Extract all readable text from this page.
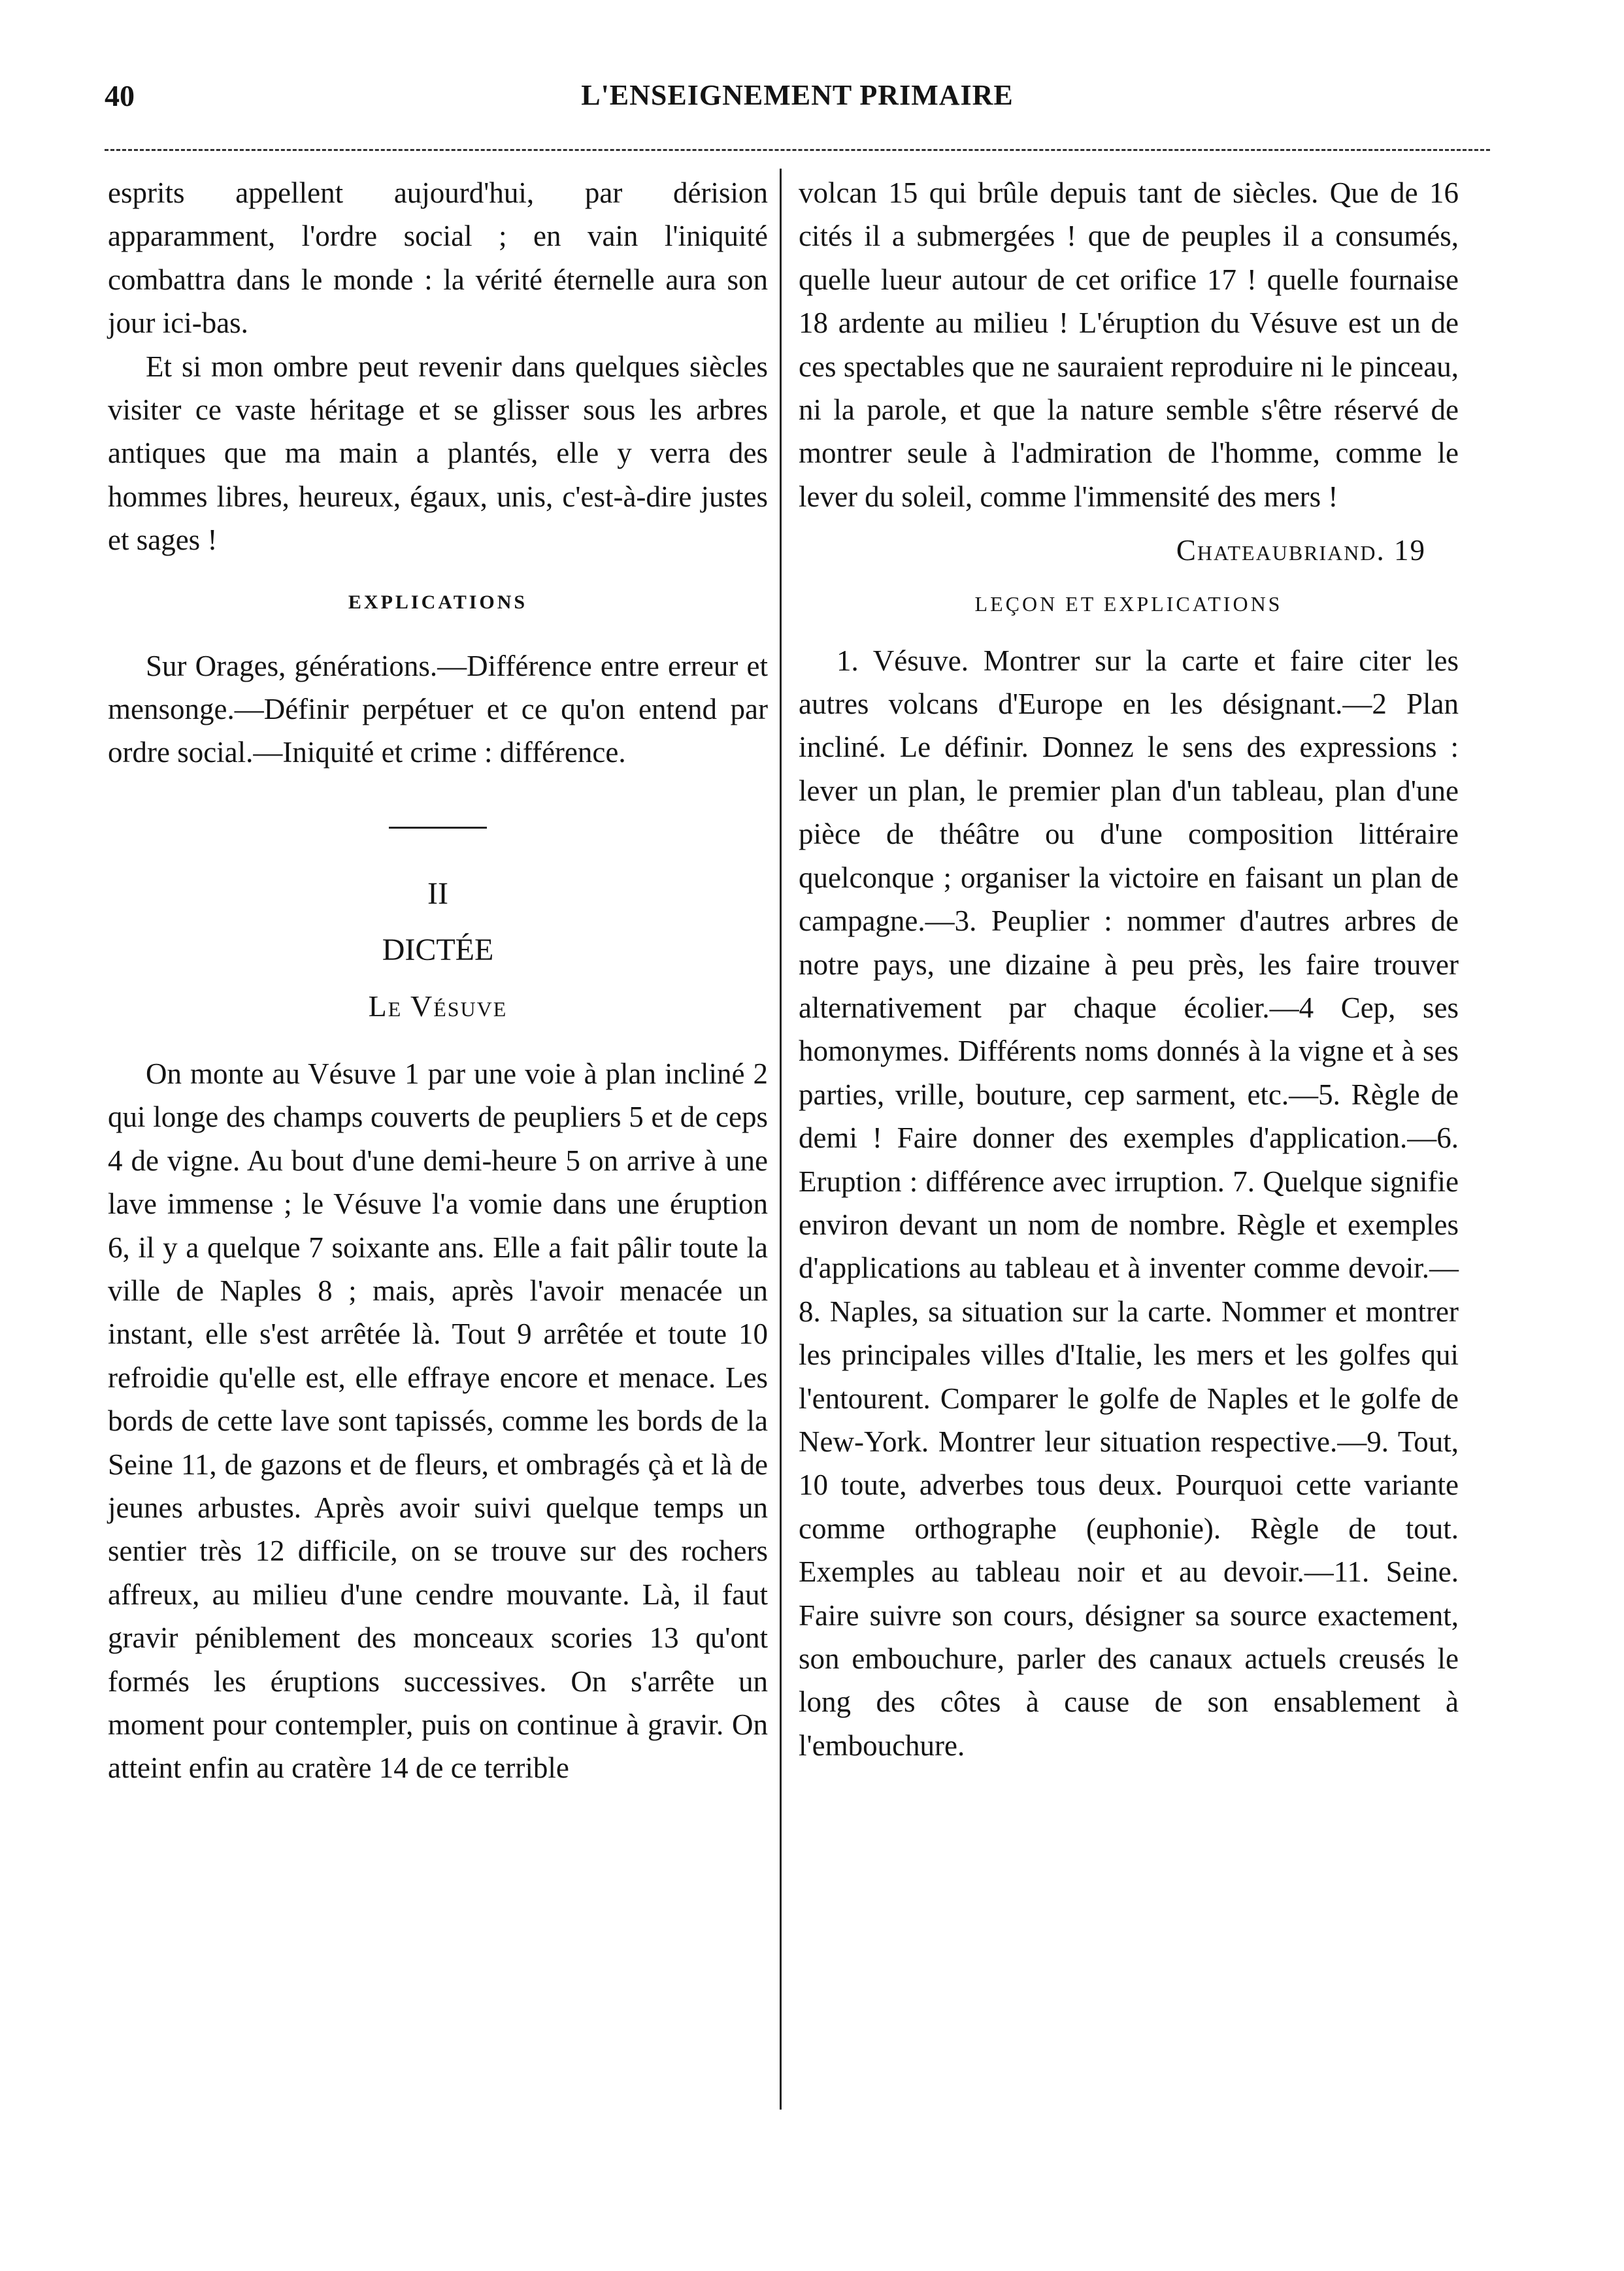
40	L'ENSEIGNEMENT PRIMAIRE

esprits appellent aujourd'hui, par dérision apparamment, l'ordre social ; en vain l'iniquité combattra dans le monde : la vérité éternelle aura son jour ici-bas.

Et si mon ombre peut revenir dans quelques siècles visiter ce vaste héritage et se glisser sous les arbres antiques que ma main a plantés, elle y verra des hommes libres, heureux, égaux, unis, c'est-à-dire justes et sages !

EXPLICATIONS

Sur Orages, générations.—Différence entre erreur et mensonge.—Définir perpétuer et ce qu'on entend par ordre social.—Iniquité et crime : différence.

II
DICTÉE
Le Vésuve

On monte au Vésuve 1 par une voie à plan incliné 2 qui longe des champs couverts de peupliers 5 et de ceps 4 de vigne. Au bout d'une demi-heure 5 on arrive à une lave immense ; le Vésuve l'a vomie dans une éruption 6, il y a quelque 7 soixante ans. Elle a fait pâlir toute la ville de Naples 8 ; mais, après l'avoir menacée un instant, elle s'est arrêtée là. Tout 9 arrêtée et toute 10 refroidie qu'elle est, elle effraye encore et menace. Les bords de cette lave sont tapissés, comme les bords de la Seine 11, de gazons et de fleurs, et ombragés çà et là de jeunes arbustes. Après avoir suivi quelque temps un sentier très 12 difficile, on se trouve sur des rochers affreux, au milieu d'une cendre mouvante. Là, il faut gravir péniblement des monceaux scories 13 qu'ont formés les éruptions successives. On s'arrête un moment pour contempler, puis on continue à gravir. On atteint enfin au cratère 14 de ce terrible

volcan 15 qui brûle depuis tant de siècles. Que de 16 cités il a submergées ! que de peuples il a consumés, quelle lueur autour de cet orifice 17 ! quelle fournaise 18 ardente au milieu ! L'éruption du Vésuve est un de ces spectables que ne sauraient reproduire ni le pinceau, ni la parole, et que la nature semble s'être réservé de montrer seule à l'admiration de l'homme, comme le lever du soleil, comme l'immensité des mers !

Chateaubriand. 19
LEÇON ET EXPLICATIONS

1. Vésuve. Montrer sur la carte et faire citer les autres volcans d'Europe en les désignant.—2 Plan incliné. Le définir. Donnez le sens des expressions : lever un plan, le premier plan d'un tableau, plan d'une pièce de théâtre ou d'une composition littéraire quelconque ; organiser la victoire en faisant un plan de campagne.—3. Peuplier : nommer d'autres arbres de notre pays, une dizaine à peu près, les faire trouver alternativement par chaque écolier.—4 Cep, ses homonymes. Différents noms donnés à la vigne et à ses parties, vrille, bouture, cep sarment, etc.—5. Règle de demi ! Faire donner des exemples d'application.—6. Eruption : différence avec irruption. 7. Quelque signifie environ devant un nom de nombre. Règle et exemples d'applications au tableau et à inventer comme devoir.—8. Naples, sa situation sur la carte. Nommer et montrer les principales villes d'Italie, les mers et les golfes qui l'entourent. Comparer le golfe de Naples et le golfe de New-York. Montrer leur situation respective.—9. Tout, 10 toute, adverbes tous deux. Pourquoi cette variante comme orthographe (euphonie). Règle de tout. Exemples au tableau noir et au devoir.—11. Seine. Faire suivre son cours, désigner sa source exactement, son embouchure, parler des canaux actuels creusés le long des côtes à cause de son ensablement à l'embouchure.
